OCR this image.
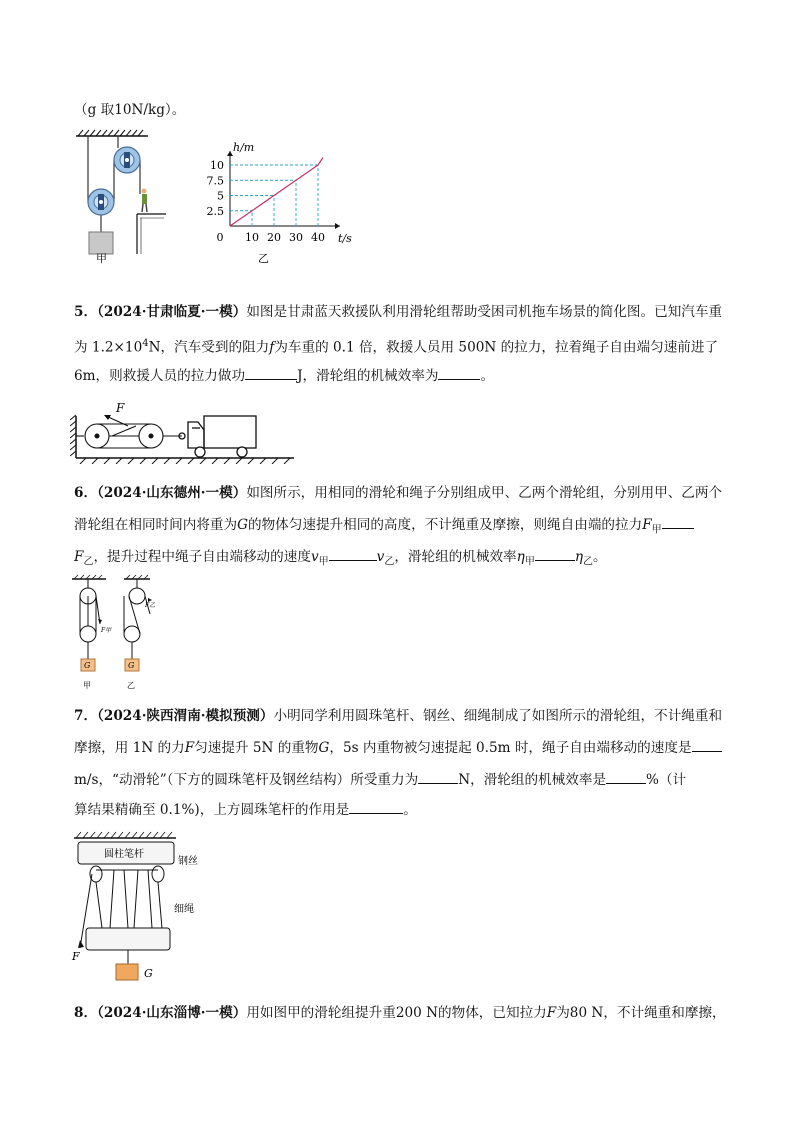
（g 取10N/kg）。
甲
2.5
5
7.5
10
0 10 20 30 40
h/m
t/s
乙
5．（2024·甘肃临夏·一模）如图是甘肃蓝天救援队利用滑轮组帮助受困司机拖车场景的简化图。已知汽车重
为 $1.2\times 10^4N$，汽车受到的阻力f为车重的 0.1 倍，救援人员用 500N 的拉力，拉着绳子自由端匀速前进了
6m，则救援人员的拉力做功	J，滑轮组的机械效率为	。
F
6．（2024·山东德州·一模）如图所示，用相同的滑轮和绳子分别组成甲、乙两个滑轮组，分别用甲、乙两个
滑轮组在相同时间内将重为G的物体匀速提升相同的高度，不计绳重及摩擦，则绳自由端的拉力$F_甲$
$F_乙$，提升过程中绳子自由端移动的速度$v_甲$	$v_乙$，滑轮组的机械效率$\eta_甲$	$\eta_乙$。
F甲
G
甲
F乙
G
乙
7．（2024·陕西渭南·模拟预测）小明同学利用圆珠笔杆、钢丝、细绳制成了如图所示的滑轮组，不计绳重和
摩擦，用 1N 的力F匀速提升 5N 的重物G，5s 内重物被匀速提起 0.5m 时，绳子自由端移动的速度是
m/s，“动滑轮”（下方的圆珠笔杆及钢丝结构）所受重力为	N，滑轮组的机械效率是	%（计
算结果精确至 0.1%)，上方圆珠笔杆的作用是	。
圆柱笔杆
钢丝
细绳
F
G
8．（2024·山东淄博·一模）用如图甲的滑轮组提升重200 N的物体，已知拉力F为80 N，不计绳重和摩擦，
